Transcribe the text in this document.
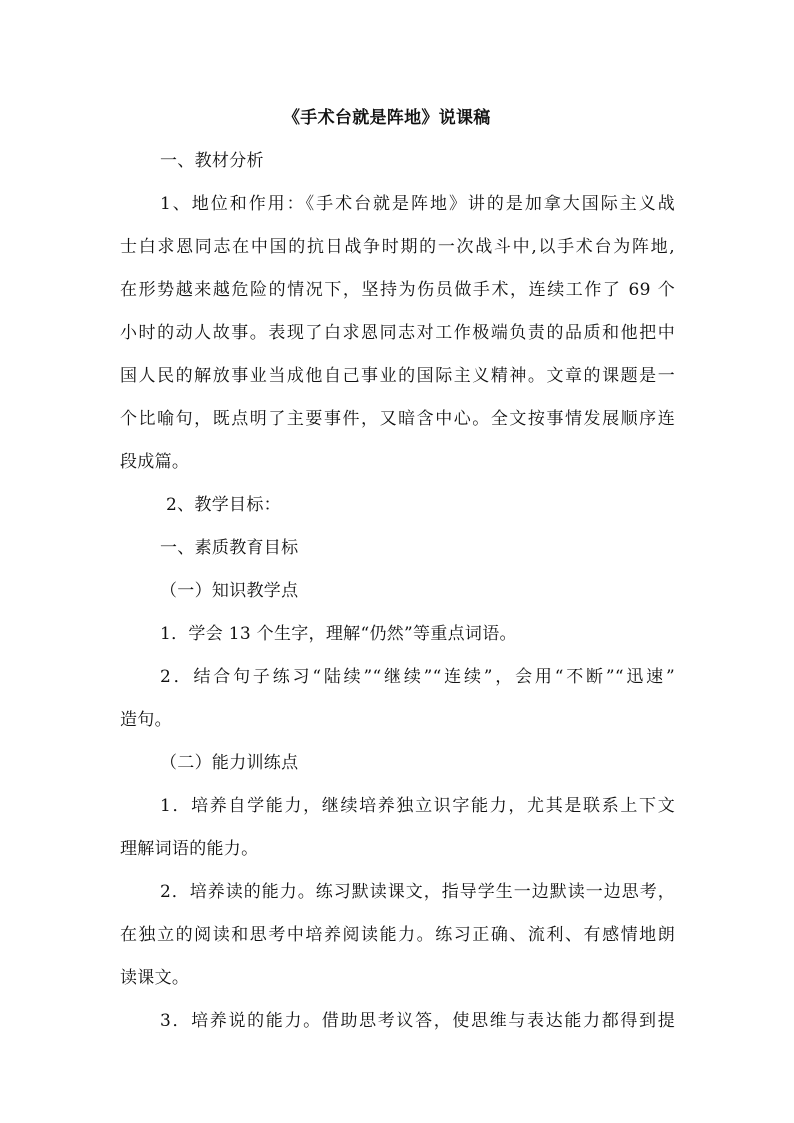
《手术台就是阵地》说课稿
一、教材分析
1、地位和作用：《手术台就是阵地》讲的是加拿大国际主义战
士白求恩同志在中国的抗日战争时期的一次战斗中,以手术台为阵地,
在形势越来越危险的情况下，坚持为伤员做手术，连续工作了 69 个
小时的动人故事。表现了白求恩同志对工作极端负责的品质和他把中
国人民的解放事业当成他自己事业的国际主义精神。文章的课题是一
个比喻句，既点明了主要事件，又暗含中心。全文按事情发展顺序连
段成篇。
2、教学目标：
一、素质教育目标
（一）知识教学点
1．学会 13 个生字，理解“仍然”等重点词语。
2．结合句子练习“陆续”“继续”“连续”，会用“不断”“迅速”
造句。
（二）能力训练点
1．培养自学能力，继续培养独立识字能力，尤其是联系上下文
理解词语的能力。
2．培养读的能力。练习默读课文，指导学生一边默读一边思考，
在独立的阅读和思考中培养阅读能力。练习正确、流利、有感情地朗
读课文。
3．培养说的能力。借助思考议答，使思维与表达能力都得到提
